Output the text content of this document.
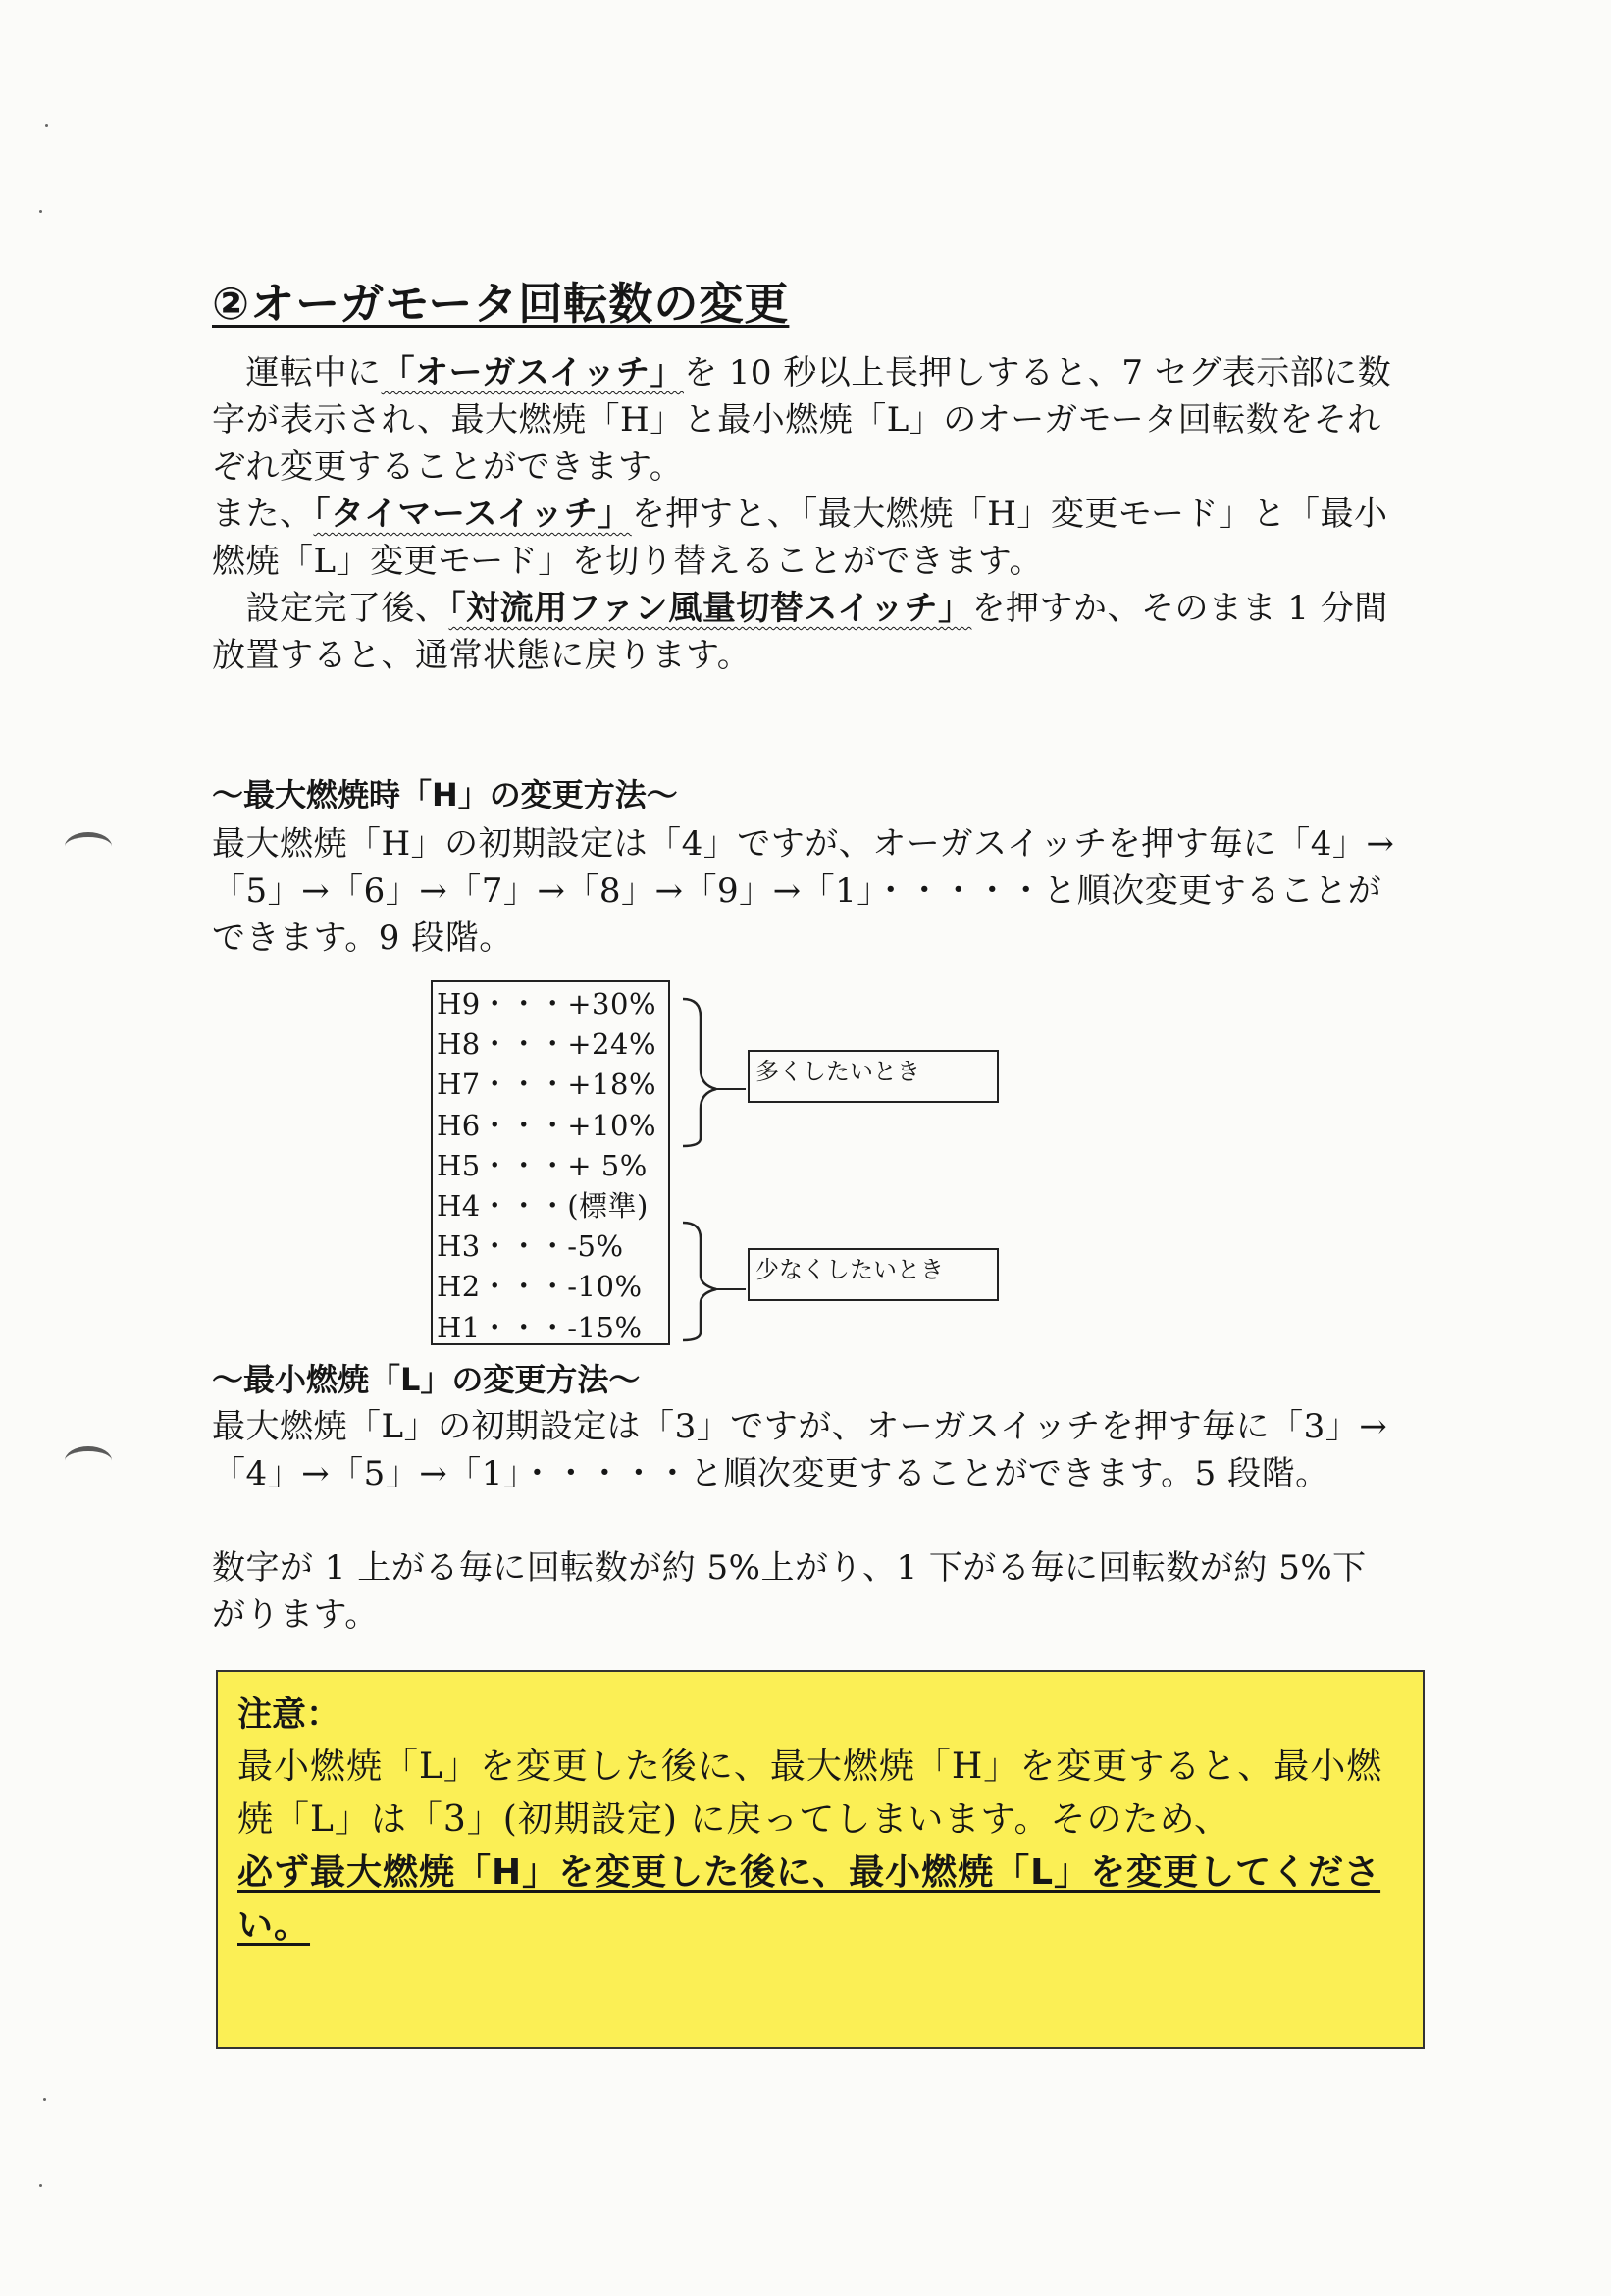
②オーガモータ回転数の変更

　運転中に「オーガスイッチ」を 10 秒以上長押しすると、7 セグ表示部に数字が表示され、最大燃焼「H」と最小燃焼「L」のオーガモータ回転数をそれぞれ変更することができます。

また、「タイマースイッチ」を押すと、「最大燃焼「H」変更モード」と「最小燃焼「L」変更モード」を切り替えることができます。

　設定完了後、「対流用ファン風量切替スイッチ」を押すか、そのまま 1 分間放置すると、通常状態に戻ります。

～最大燃焼時「H」の変更方法～

最大燃焼「H」の初期設定は「4」ですが、オーガスイッチを押す毎に「4」→「5」→「6」→「7」→「8」→「9」→「1」・・・・・と順次変更することができます。9 段階。

H9・・・+30%
H8・・・+24%
H7・・・+18%
H6・・・+10%
H5・・・+ 5%
H4・・・(標準)
H3・・・-5%
H2・・・-10%
H1・・・-15%
多くしたいとき
少なくしたいとき
～最小燃焼「L」の変更方法～

最大燃焼「L」の初期設定は「3」ですが、オーガスイッチを押す毎に「3」→「4」→「5」→「1」・・・・・と順次変更することができます。5 段階。

数字が 1 上がる毎に回転数が約 5%上がり、1 下がる毎に回転数が約 5%下がります。

注意：

最小燃焼「L」を変更した後に、最大燃焼「H」を変更すると、最小燃焼「L」は「3」(初期設定) に戻ってしまいます。そのため、

必ず最大燃焼「H」を変更した後に、最小燃焼「L」を変更してください。
